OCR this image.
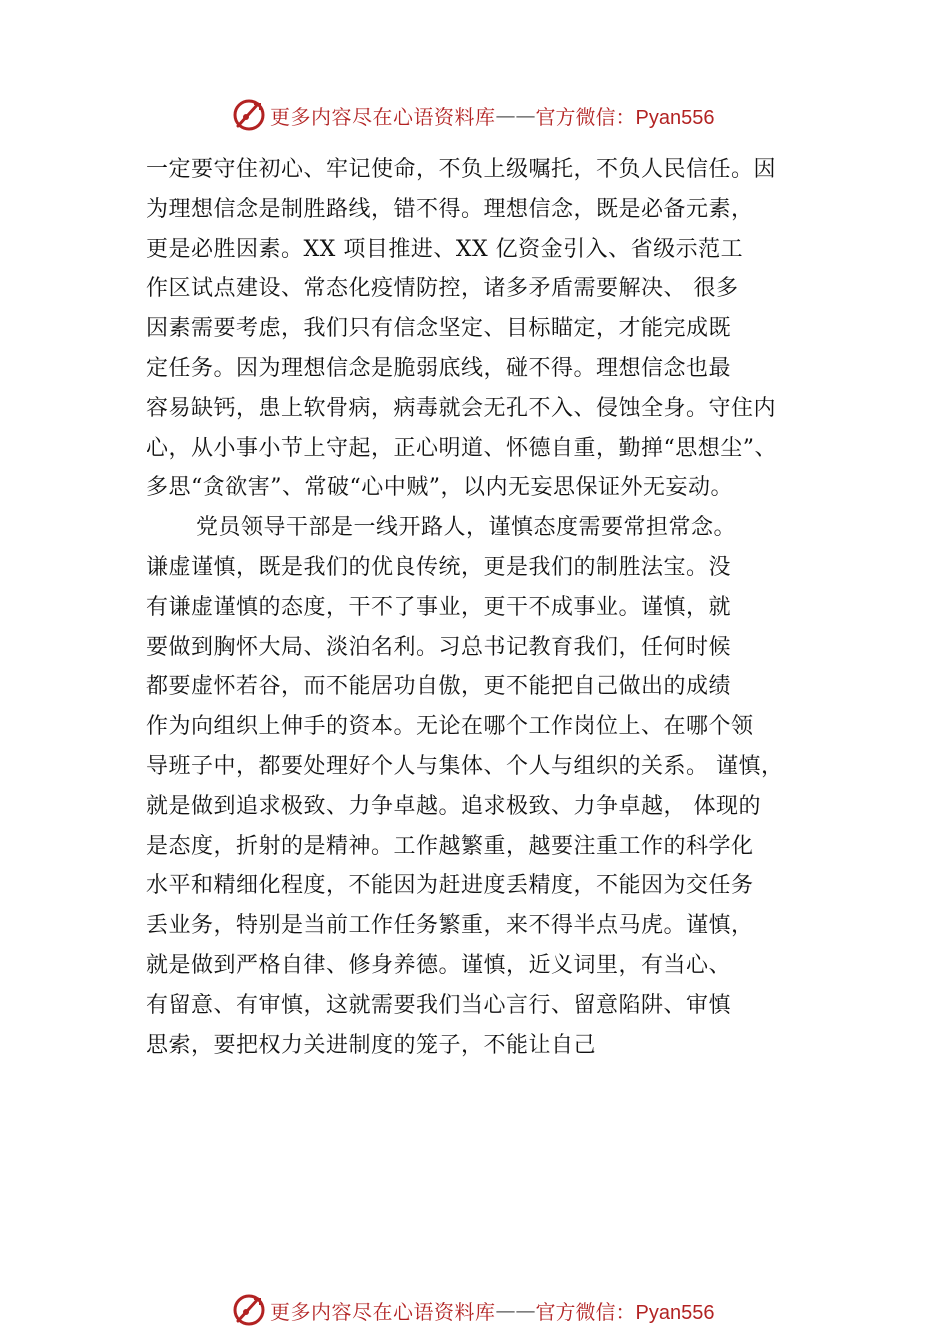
更多内容尽在心语资料库 —— 官方微信：Pyan556
一定要守住初心、牢记使命，不负上级嘱托，不负人民信任。因
为理想信念是制胜路线，错不得。理想信念，既是必备元素，
更是必胜因素。XX 项目推进、XX 亿资金引入、省级示范工
作区试点建设、常态化疫情防控，诸多矛盾需要解决、 很多
因素需要考虑，我们只有信念坚定、目标瞄定，才能完成既
定任务。因为理想信念是脆弱底线，碰不得。理想信念也最
容易缺钙，患上软骨病，病毒就会无孔不入、侵蚀全身。守住内
心，从小事小节上守起，正心明道、怀德自重，勤掸“思想尘”、
多思“贪欲害”、常破“心中贼”，以内无妄思保证外无妄动。
党员领导干部是一线开路人，谨慎态度需要常担常念。
谦虚谨慎，既是我们的优良传统，更是我们的制胜法宝。没
有谦虚谨慎的态度，干不了事业，更干不成事业。谨慎，就
要做到胸怀大局、淡泊名利。习总书记教育我们，任何时候
都要虚怀若谷，而不能居功自傲，更不能把自己做出的成绩
作为向组织上伸手的资本。无论在哪个工作岗位上、在哪个领
导班子中，都要处理好个人与集体、个人与组织的关系。 谨慎，
就是做到追求极致、力争卓越。追求极致、力争卓越， 体现的
是态度，折射的是精神。工作越繁重，越要注重工作的科学化
水平和精细化程度，不能因为赶进度丢精度，不能因为交任务
丢业务，特别是当前工作任务繁重，来不得半点马虎。谨慎，
就是做到严格自律、修身养德。谨慎，近义词里，有当心、
有留意、有审慎，这就需要我们当心言行、留意陷阱、审慎
思索，要把权力关进制度的笼子，不能让自己
更多内容尽在心语资料库 —— 官方微信：Pyan556
